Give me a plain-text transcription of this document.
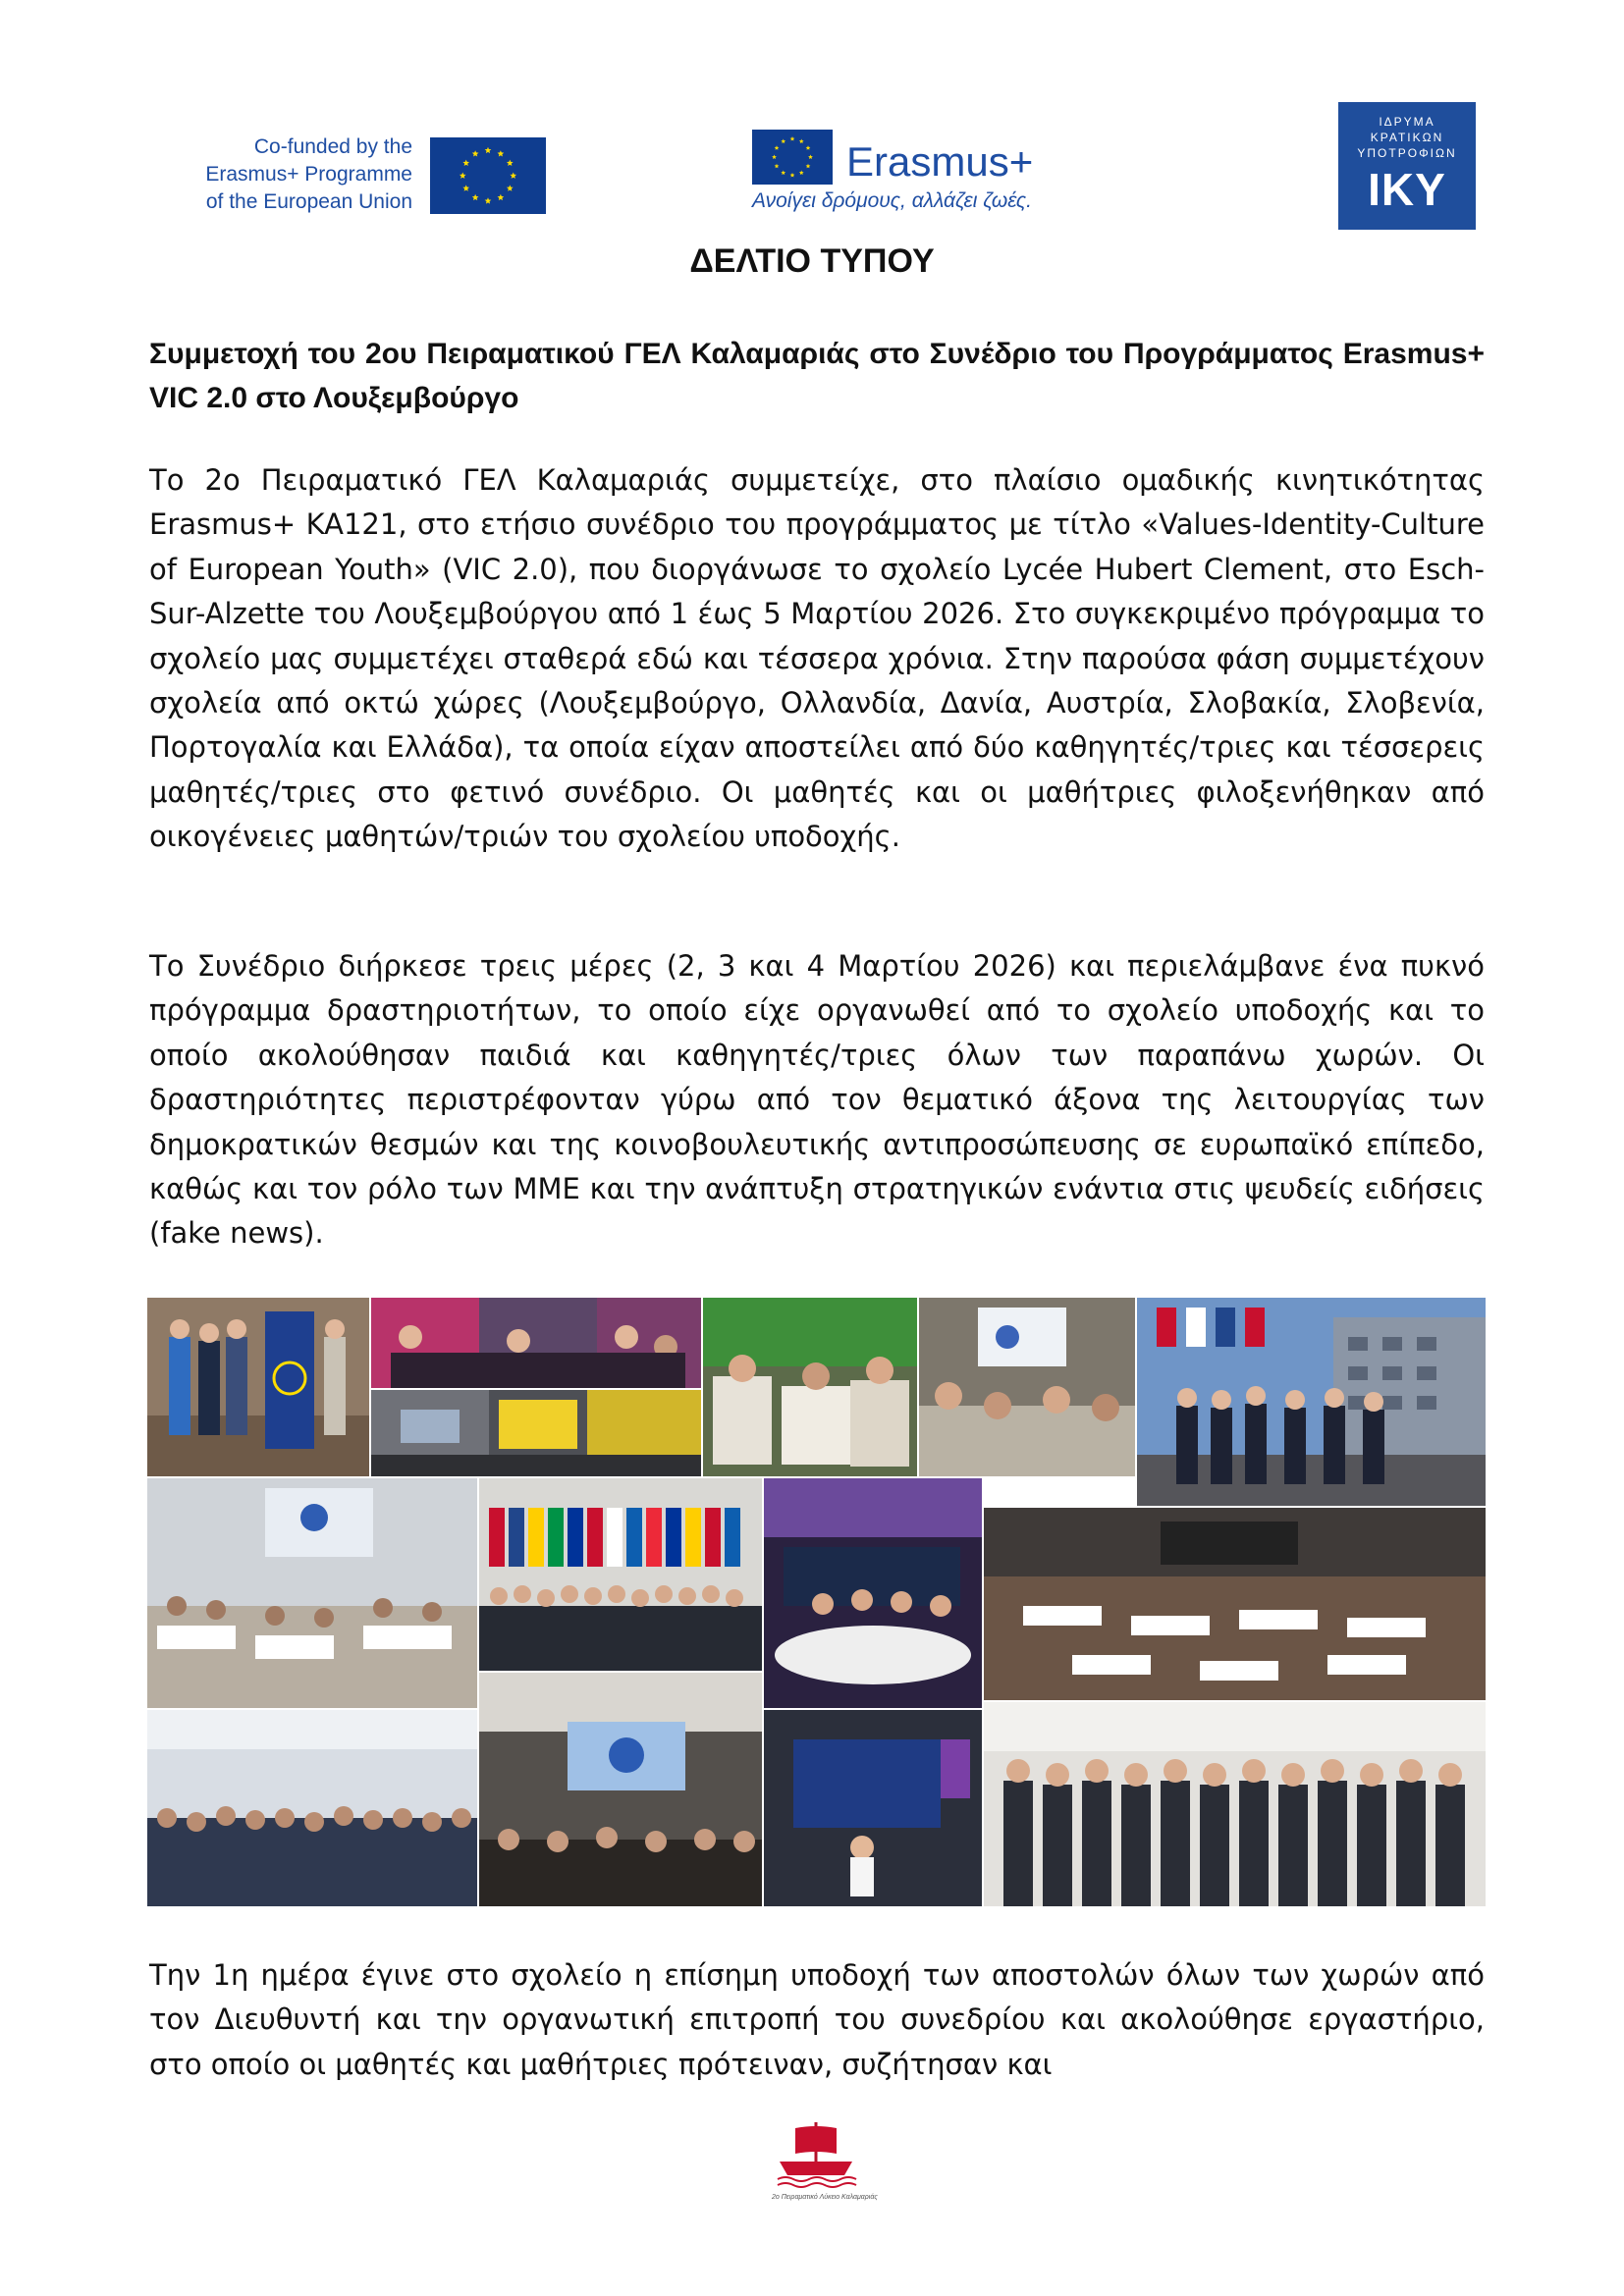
Co-funded by the
Erasmus+ Programme
of the European Union
Erasmus+
Ανοίγει δρόμους, αλλάζει ζωές.
ΙΔΡΥΜΑ
ΚΡΑΤΙΚΩΝ
ΥΠΟΤΡΟΦΙΩΝ
ΙΚΥ
ΔΕΛΤΙΟ ΤΥΠΟΥ
Συμμετοχή του 2ου Πειραματικού ΓΕΛ Καλαμαριάς στο Συνέδριο του Προγράμματος Erasmus+ VIC 2.0 στο Λουξεμβούργο

Το 2ο Πειραματικό ΓΕΛ Καλαμαριάς συμμετείχε, στο πλαίσιο ομαδικής κινητικότητας Erasmus+ KA121, στο ετήσιο συνέδριο του προγράμματος με τίτλο «Values-Identity-Culture of European Youth» (VIC 2.0), που διοργάνωσε το σχολείο Lycée Hubert Clement, στο Esch-Sur-Alzette του Λουξεμβούργου από 1 έως 5 Μαρτίου 2026. Στο συγκεκριμένο πρόγραμμα το σχολείο μας συμμετέχει σταθερά εδώ και τέσσερα χρόνια. Στην παρούσα φάση συμμετέχουν σχολεία από οκτώ χώρες (Λουξεμβούργο, Ολλανδία, Δανία, Αυστρία, Σλοβακία, Σλοβενία, Πορτογαλία και Ελλάδα), τα οποία είχαν αποστείλει από δύο καθηγητές/τριες και τέσσερεις μαθητές/τριες στο φετινό συνέδριο. Οι μαθητές και οι μαθήτριες φιλοξενήθηκαν από οικογένειες μαθητών/τριών του σχολείου υποδοχής.

Το Συνέδριο διήρκεσε τρεις μέρες (2, 3 και 4 Μαρτίου 2026) και περιελάμβανε ένα πυκνό πρόγραμμα δραστηριοτήτων, το οποίο είχε οργανωθεί από το σχολείο υποδοχής και το οποίο ακολούθησαν παιδιά και καθηγητές/τριες όλων των παραπάνω χωρών. Οι δραστηριότητες περιστρέφονταν γύρω από τον θεματικό άξονα της λειτουργίας των δημοκρατικών θεσμών και της κοινοβουλευτικής αντιπροσώπευσης σε ευρωπαϊκό επίπεδο, καθώς και τον ρόλο των ΜΜΕ και την ανάπτυξη στρατηγικών ενάντια στις ψευδείς ειδήσεις (fake news).

Την 1η ημέρα έγινε στο σχολείο η επίσημη υποδοχή των αποστολών όλων των χωρών από τον Διευθυντή και την οργανωτική επιτροπή του συνεδρίου και ακολούθησε εργαστήριο, στο οποίο οι μαθητές και μαθήτριες πρότειναν, συζήτησαν και

2ο Πειραματικό Λύκειο Καλαμαριάς
